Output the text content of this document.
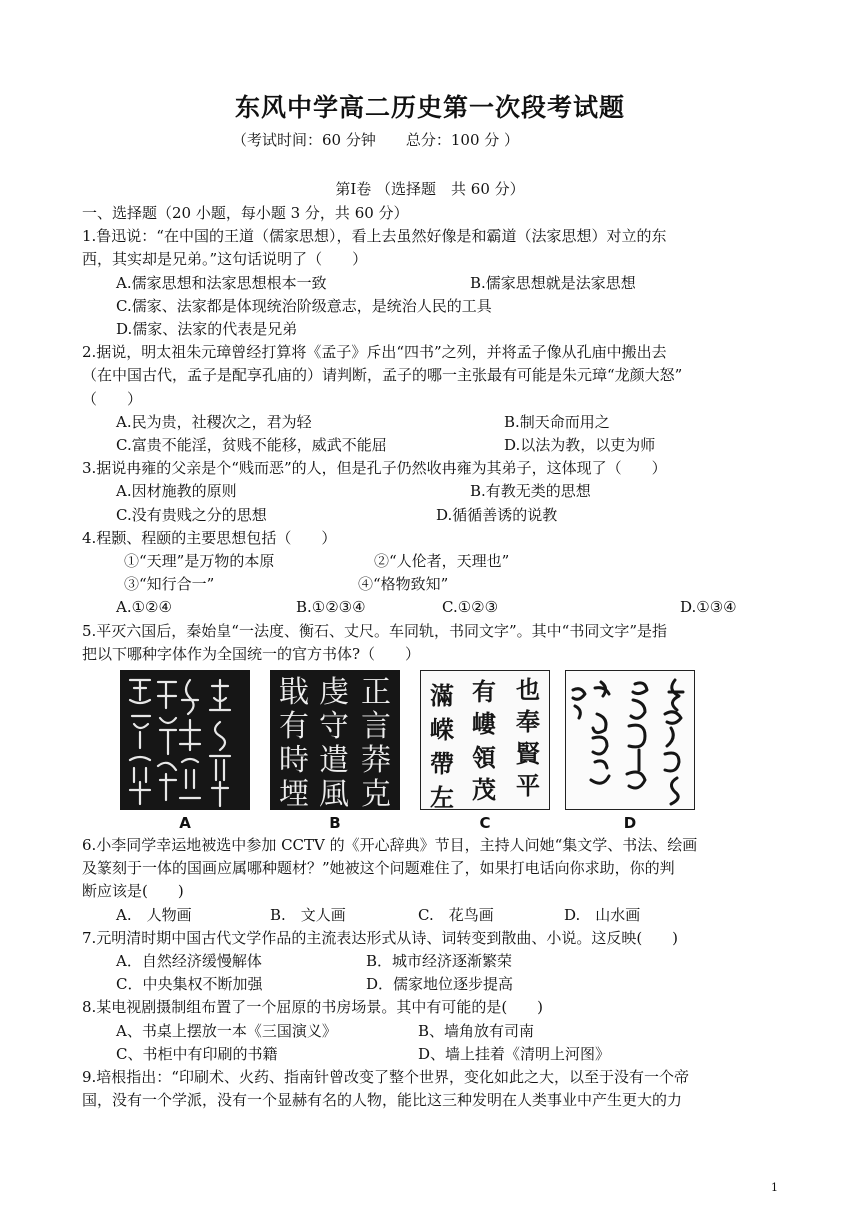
东风中学高二历史第一次段考试题
（考试时间：60 分钟　　总分：100 分 ）
第Ⅰ卷 （选择题　共 60 分）

一、选择题（20 小题，每小题 3 分，共 60 分）

1.鲁迅说：“在中国的王道（儒家思想），看上去虽然好像是和霸道（法家思想）对立的东

西，其实却是兄弟。”这句话说明了（　　）

A.儒家思想和法家思想根本一致	B.儒家思想就是法家思想
C.儒家、法家都是体现统治阶级意志，是统治人民的工具
D.儒家、法家的代表是兄弟

2.据说，明太祖朱元璋曾经打算将《孟子》斥出“四书”之列，并将孟子像从孔庙中搬出去

（在中国古代，孟子是配享孔庙的）请判断，孟子的哪一主张最有可能是朱元璋“龙颜大怒”

（　　）

A.民为贵，社稷次之，君为轻	B.制天命而用之
C.富贵不能淫，贫贱不能移，威武不能屈	D.以法为教，以吏为师

3.据说冉雍的父亲是个“贱而恶”的人，但是孔子仍然收冉雍为其弟子，这体现了（　　）

A.因材施教的原则	B.有教无类的思想
C.没有贵贱之分的思想	D.循循善诱的说教

4.程颢、程颐的主要思想包括（　　）

①“天理”是万物的本原	②“人伦者，天理也”
③“知行合一”	④“格物致知”
A.①②④	B.①②③④	C.①②③	D.①③④

5.平灭六国后，秦始皇“一法度、衡石、丈尺。车同轨，书同文字”。其中“书同文字”是指

把以下哪种字体作为全国统一的官方书体?（　　）

A
戢 虔 正
有 守 言
時 遣 莽
堙 風 克
B
也
有
滿
奉
嶁
嵘
賢
領
平
帶
茂
左
C	D

6.小李同学幸运地被选中参加 CCTV 的《开心辞典》节目，主持人问她“集文学、书法、绘画

及篆刻于一体的国画应属哪种题材？”她被这个问题难住了，如果打电话向你求助，你的判

断应该是(　　)

A.　人物画	B.　文人画	C.　花鸟画	D.　山水画

7.元明清时期中国古代文学作品的主流表达形式从诗、词转变到散曲、小说。这反映(　　)

A．自然经济缓慢解体	B．城市经济逐渐繁荣
C．中央集权不断加强	D．儒家地位逐步提高

8.某电视剧摄制组布置了一个屈原的书房场景。其中有可能的是(　　)

A、书桌上摆放一本《三国演义》	B、墙角放有司南
C、书柜中有印刷的书籍	D、墙上挂着《清明上河图》

9.培根指出：“印刷术、火药、指南针曾改变了整个世界，变化如此之大，以至于没有一个帝

国，没有一个学派，没有一个显赫有名的人物，能比这三种发明在人类事业中产生更大的力

1
